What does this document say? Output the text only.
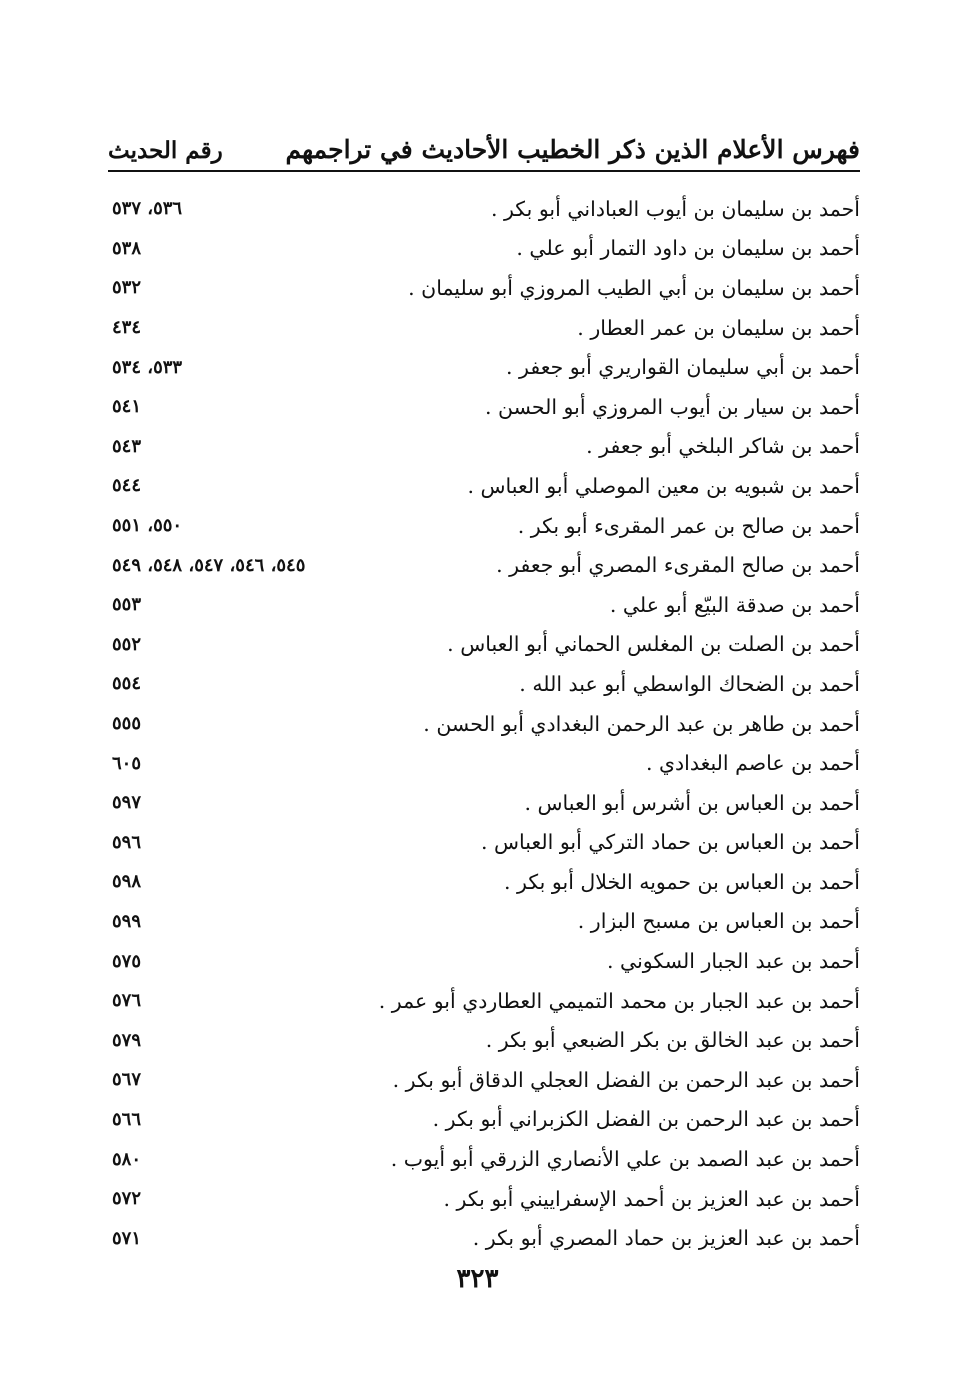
فهرس الأعلام الذين ذكر الخطيب الأحاديث في تراجمهم
رقم الحديث
أحمد بن سليمان بن أيوب العباداني أبو بكر .
٥٣٦، ٥٣٧
أحمد بن سليمان بن داود التمار أبو علي .
٥٣٨
أحمد بن سليمان بن أبي الطيب المروزي أبو سليمان .
٥٣٢
أحمد بن سليمان بن عمر العطار .
٤٣٤
أحمد بن أبي سليمان القواريري أبو جعفر .
٥٣٣، ٥٣٤
أحمد بن سيار بن أيوب المروزي أبو الحسن .
٥٤١
أحمد بن شاكر البلخي أبو جعفر .
٥٤٣
أحمد بن شبويه بن معين الموصلي أبو العباس .
٥٤٤
أحمد بن صالح بن عمر المقرىء أبو بكر .
٥٥٠، ٥٥١
أحمد بن صالح المقرىء المصري أبو جعفر .
٥٤٥، ٥٤٦، ٥٤٧، ٥٤٨، ٥٤٩
أحمد بن صدقة البيّع أبو علي .
٥٥٣
أحمد بن الصلت بن المغلس الحماني أبو العباس .
٥٥٢
أحمد بن الضحاك الواسطي أبو عبد الله .
٥٥٤
أحمد بن طاهر بن عبد الرحمن البغدادي أبو الحسن .
٥٥٥
أحمد بن عاصم البغدادي .
٦٠٥
أحمد بن العباس بن أشرس أبو العباس .
٥٩٧
أحمد بن العباس بن حماد التركي أبو العباس .
٥٩٦
أحمد بن العباس بن حمويه الخلال أبو بكر .
٥٩٨
أحمد بن العباس بن مسبح البزار .
٥٩٩
أحمد بن عبد الجبار السكوني .
٥٧٥
أحمد بن عبد الجبار بن محمد التميمي العطاردي أبو عمر .
٥٧٦
أحمد بن عبد الخالق بن بكر الضبعي أبو بكر .
٥٧٩
أحمد بن عبد الرحمن بن الفضل العجلي الدقاق أبو بكر .
٥٦٧
أحمد بن عبد الرحمن بن الفضل الكزبراني أبو بكر .
٥٦٦
أحمد بن عبد الصمد بن علي الأنصاري الزرقي أبو أيوب .
٥٨٠
أحمد بن عبد العزيز بن أحمد الإسفراييني أبو بكر .
٥٧٢
أحمد بن عبد العزيز بن حماد المصري أبو بكر .
٥٧١
٣٢٣
